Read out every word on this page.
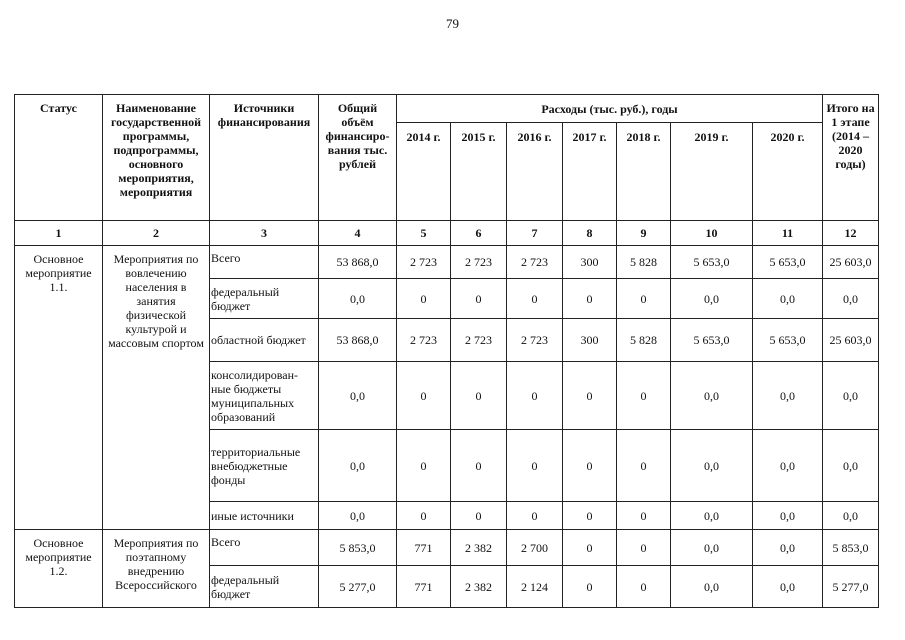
79
Статус	Наименование государственной программы, подпрограммы, основного мероприятия, мероприятия	Источники финансирования	Общий объём финансиро-вания тыс. рублей	Расходы (тыс. руб.), годы							Итого на 1 этапе (2014 – 2020 годы)
				2014 г.	2015 г.	2016 г.	2017 г.	2018 г.	2019 г.	2020 г.	
1	2	3	4	5	6	7	8	9	10	11	12
Основное мероприятие 1.1.	Мероприятия по вовлечению населения в занятия физической культурой и массовым спортом	Всего	53 868,0	2 723	2 723	2 723	300	5 828	5 653,0	5 653,0	25 603,0
		федеральный бюджет	0,0	0	0	0	0	0	0,0	0,0	0,0
		областной бюджет	53 868,0	2 723	2 723	2 723	300	5 828	5 653,0	5 653,0	25 603,0
		консолидирован-ные бюджеты муниципальных образований	0,0	0	0	0	0	0	0,0	0,0	0,0
		территориальные внебюджетные фонды	0,0	0	0	0	0	0	0,0	0,0	0,0
		иные источники	0,0	0	0	0	0	0	0,0	0,0	0,0
Основное мероприятие 1.2.	Мероприятия по поэтапному внедрению Всероссийского	Всего	5 853,0	771	2 382	2 700	0	0	0,0	0,0	5 853,0
		федеральный бюджет	5 277,0	771	2 382	2 124	0	0	0,0	0,0	5 277,0
